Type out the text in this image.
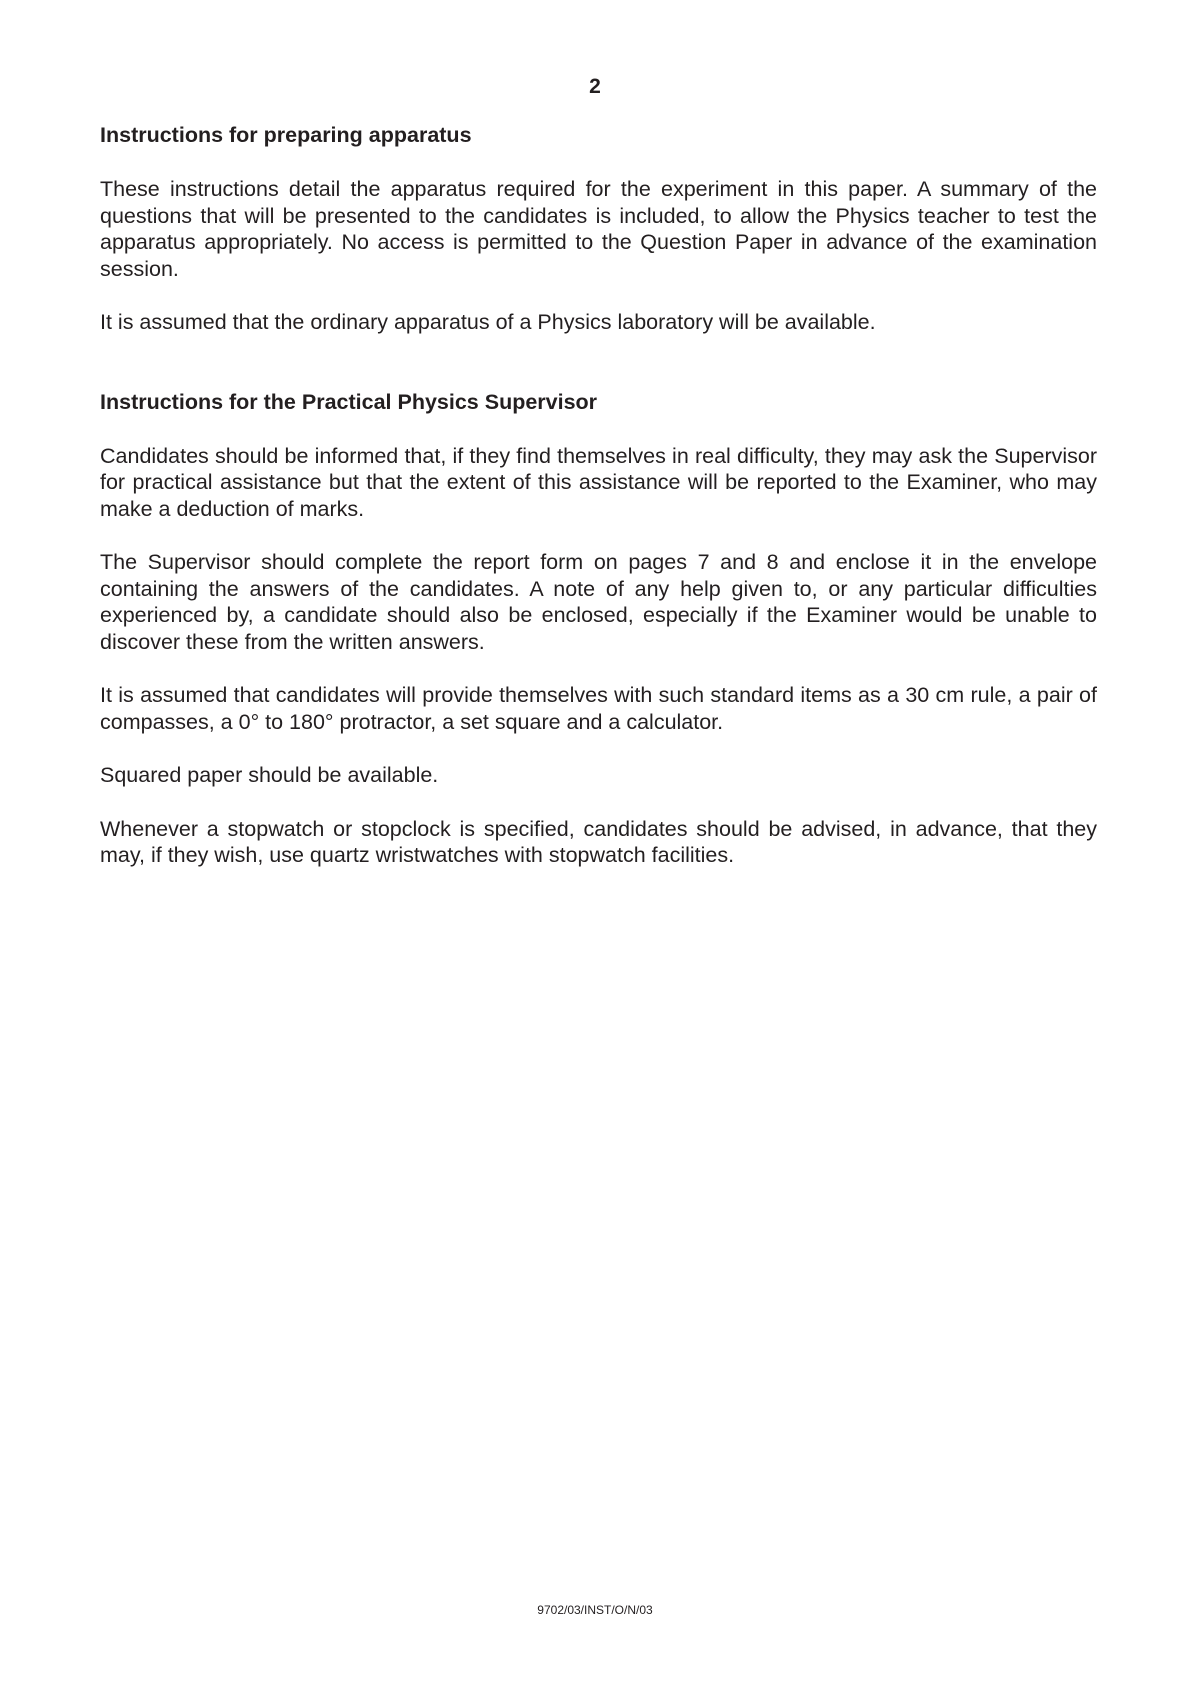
2
Instructions for preparing apparatus

These instructions detail the apparatus required for the experiment in this paper. A summary of the questions that will be presented to the candidates is included, to allow the Physics teacher to test the apparatus appropriately. No access is permitted to the Question Paper in advance of the examination session.

It is assumed that the ordinary apparatus of a Physics laboratory will be available.

Instructions for the Practical Physics Supervisor

Candidates should be informed that, if they find themselves in real difficulty, they may ask the Supervisor for practical assistance but that the extent of this assistance will be reported to the Examiner, who may make a deduction of marks.

The Supervisor should complete the report form on pages 7 and 8 and enclose it in the envelope containing the answers of the candidates. A note of any help given to, or any particular difficulties experienced by, a candidate should also be enclosed, especially if the Examiner would be unable to discover these from the written answers.

It is assumed that candidates will provide themselves with such standard items as a 30 cm rule, a pair of compasses, a 0° to 180° protractor, a set square and a calculator.

Squared paper should be available.

Whenever a stopwatch or stopclock is specified, candidates should be advised, in advance, that they may, if they wish, use quartz wristwatches with stopwatch facilities.

9702/03/INST/O/N/03
